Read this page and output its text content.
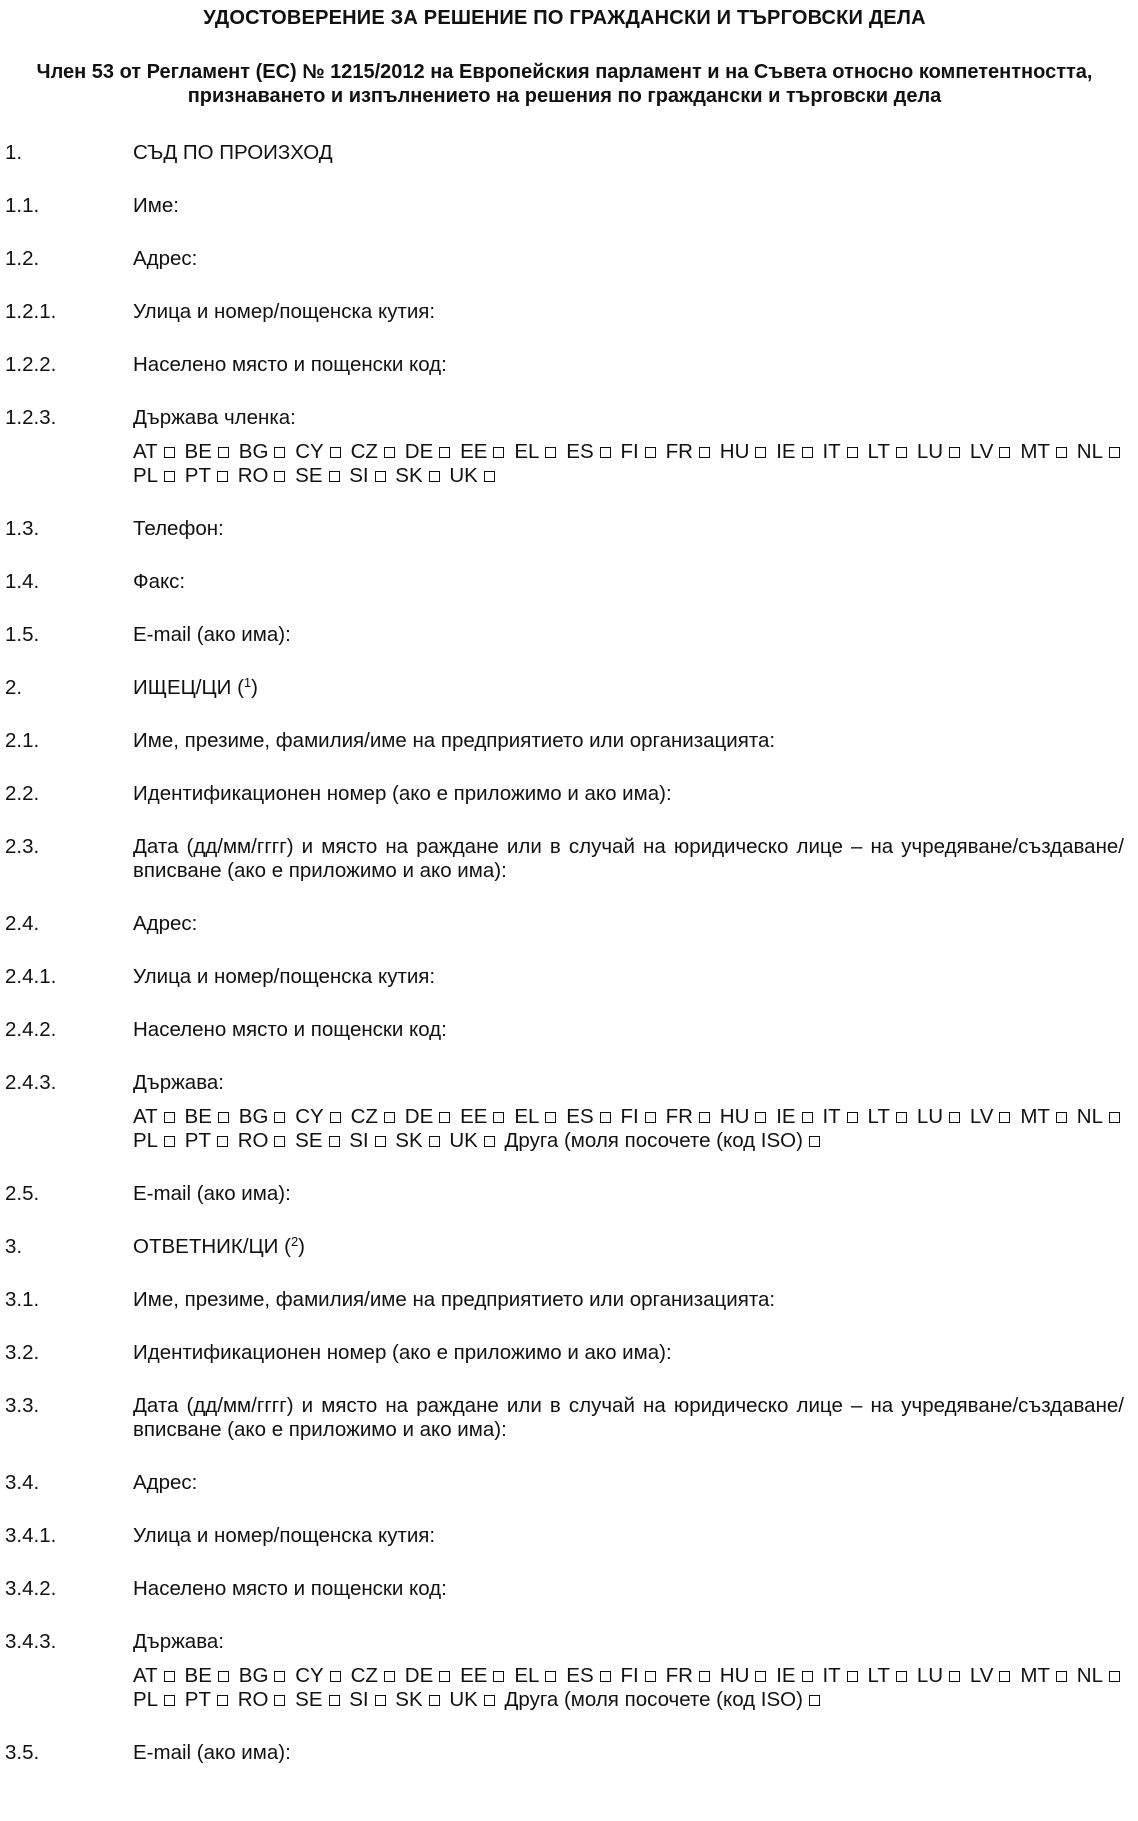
УДОСТОВЕРЕНИЕ ЗА РЕШЕНИЕ ПО ГРАЖДАНСКИ И ТЪРГОВСКИ ДЕЛА
Член 53 от Регламент (ЕС) № 1215/2012 на Европейския парламент и на Съвета относно компетентността,
признаването и изпълнението на решения по граждански и търговски дела
1.	СЪД ПО ПРОИЗХОД
1.1.	Име:
1.2.	Адрес:
1.2.1.	Улица и номер/пощенска кутия:
1.2.2.	Населено място и пощенски код:
1.2.3.	Държава членка:
AT BE BG CY CZ DE EE EL ES FI FR HU IE IT LT LU LV MT NL PL PT RO SE SI SK UK
1.3.	Телефон:
1.4.	Факс:
1.5.	E-mail (ако има):
2.	ИЩЕЦ/ЦИ ($^1$)
2.1.	Име, презиме, фамилия/име на предприятието или организацията:
2.2.	Идентификационен номер (ако е приложимо и ако има):
2.3.	Дата (дд/мм/гггг) и място на раждане или в случай на юридическо лице – на учредяване/създаване/ вписване (ако е приложимо и ако има):
2.4.	Адрес:
2.4.1.	Улица и номер/пощенска кутия:
2.4.2.	Населено място и пощенски код:
2.4.3.	Държава:
AT BE BG CY CZ DE EE EL ES FI FR HU IE IT LT LU LV MT NL PL PT RO SE SI SK UK Друга (моля посочете (код ISO)
2.5.	E-mail (ако има):
3.	ОТВЕТНИК/ЦИ ($^2$)
3.1.	Име, презиме, фамилия/име на предприятието или организацията:
3.2.	Идентификационен номер (ако е приложимо и ако има):
3.3.	Дата (дд/мм/гггг) и място на раждане или в случай на юридическо лице – на учредяване/създаване/ вписване (ако е приложимо и ако има):
3.4.	Адрес:
3.4.1.	Улица и номер/пощенска кутия:
3.4.2.	Населено място и пощенски код:
3.4.3.	Държава:
AT BE BG CY CZ DE EE EL ES FI FR HU IE IT LT LU LV MT NL PL PT RO SE SI SK UK Друга (моля посочете (код ISO)
3.5.	E-mail (ако има):
